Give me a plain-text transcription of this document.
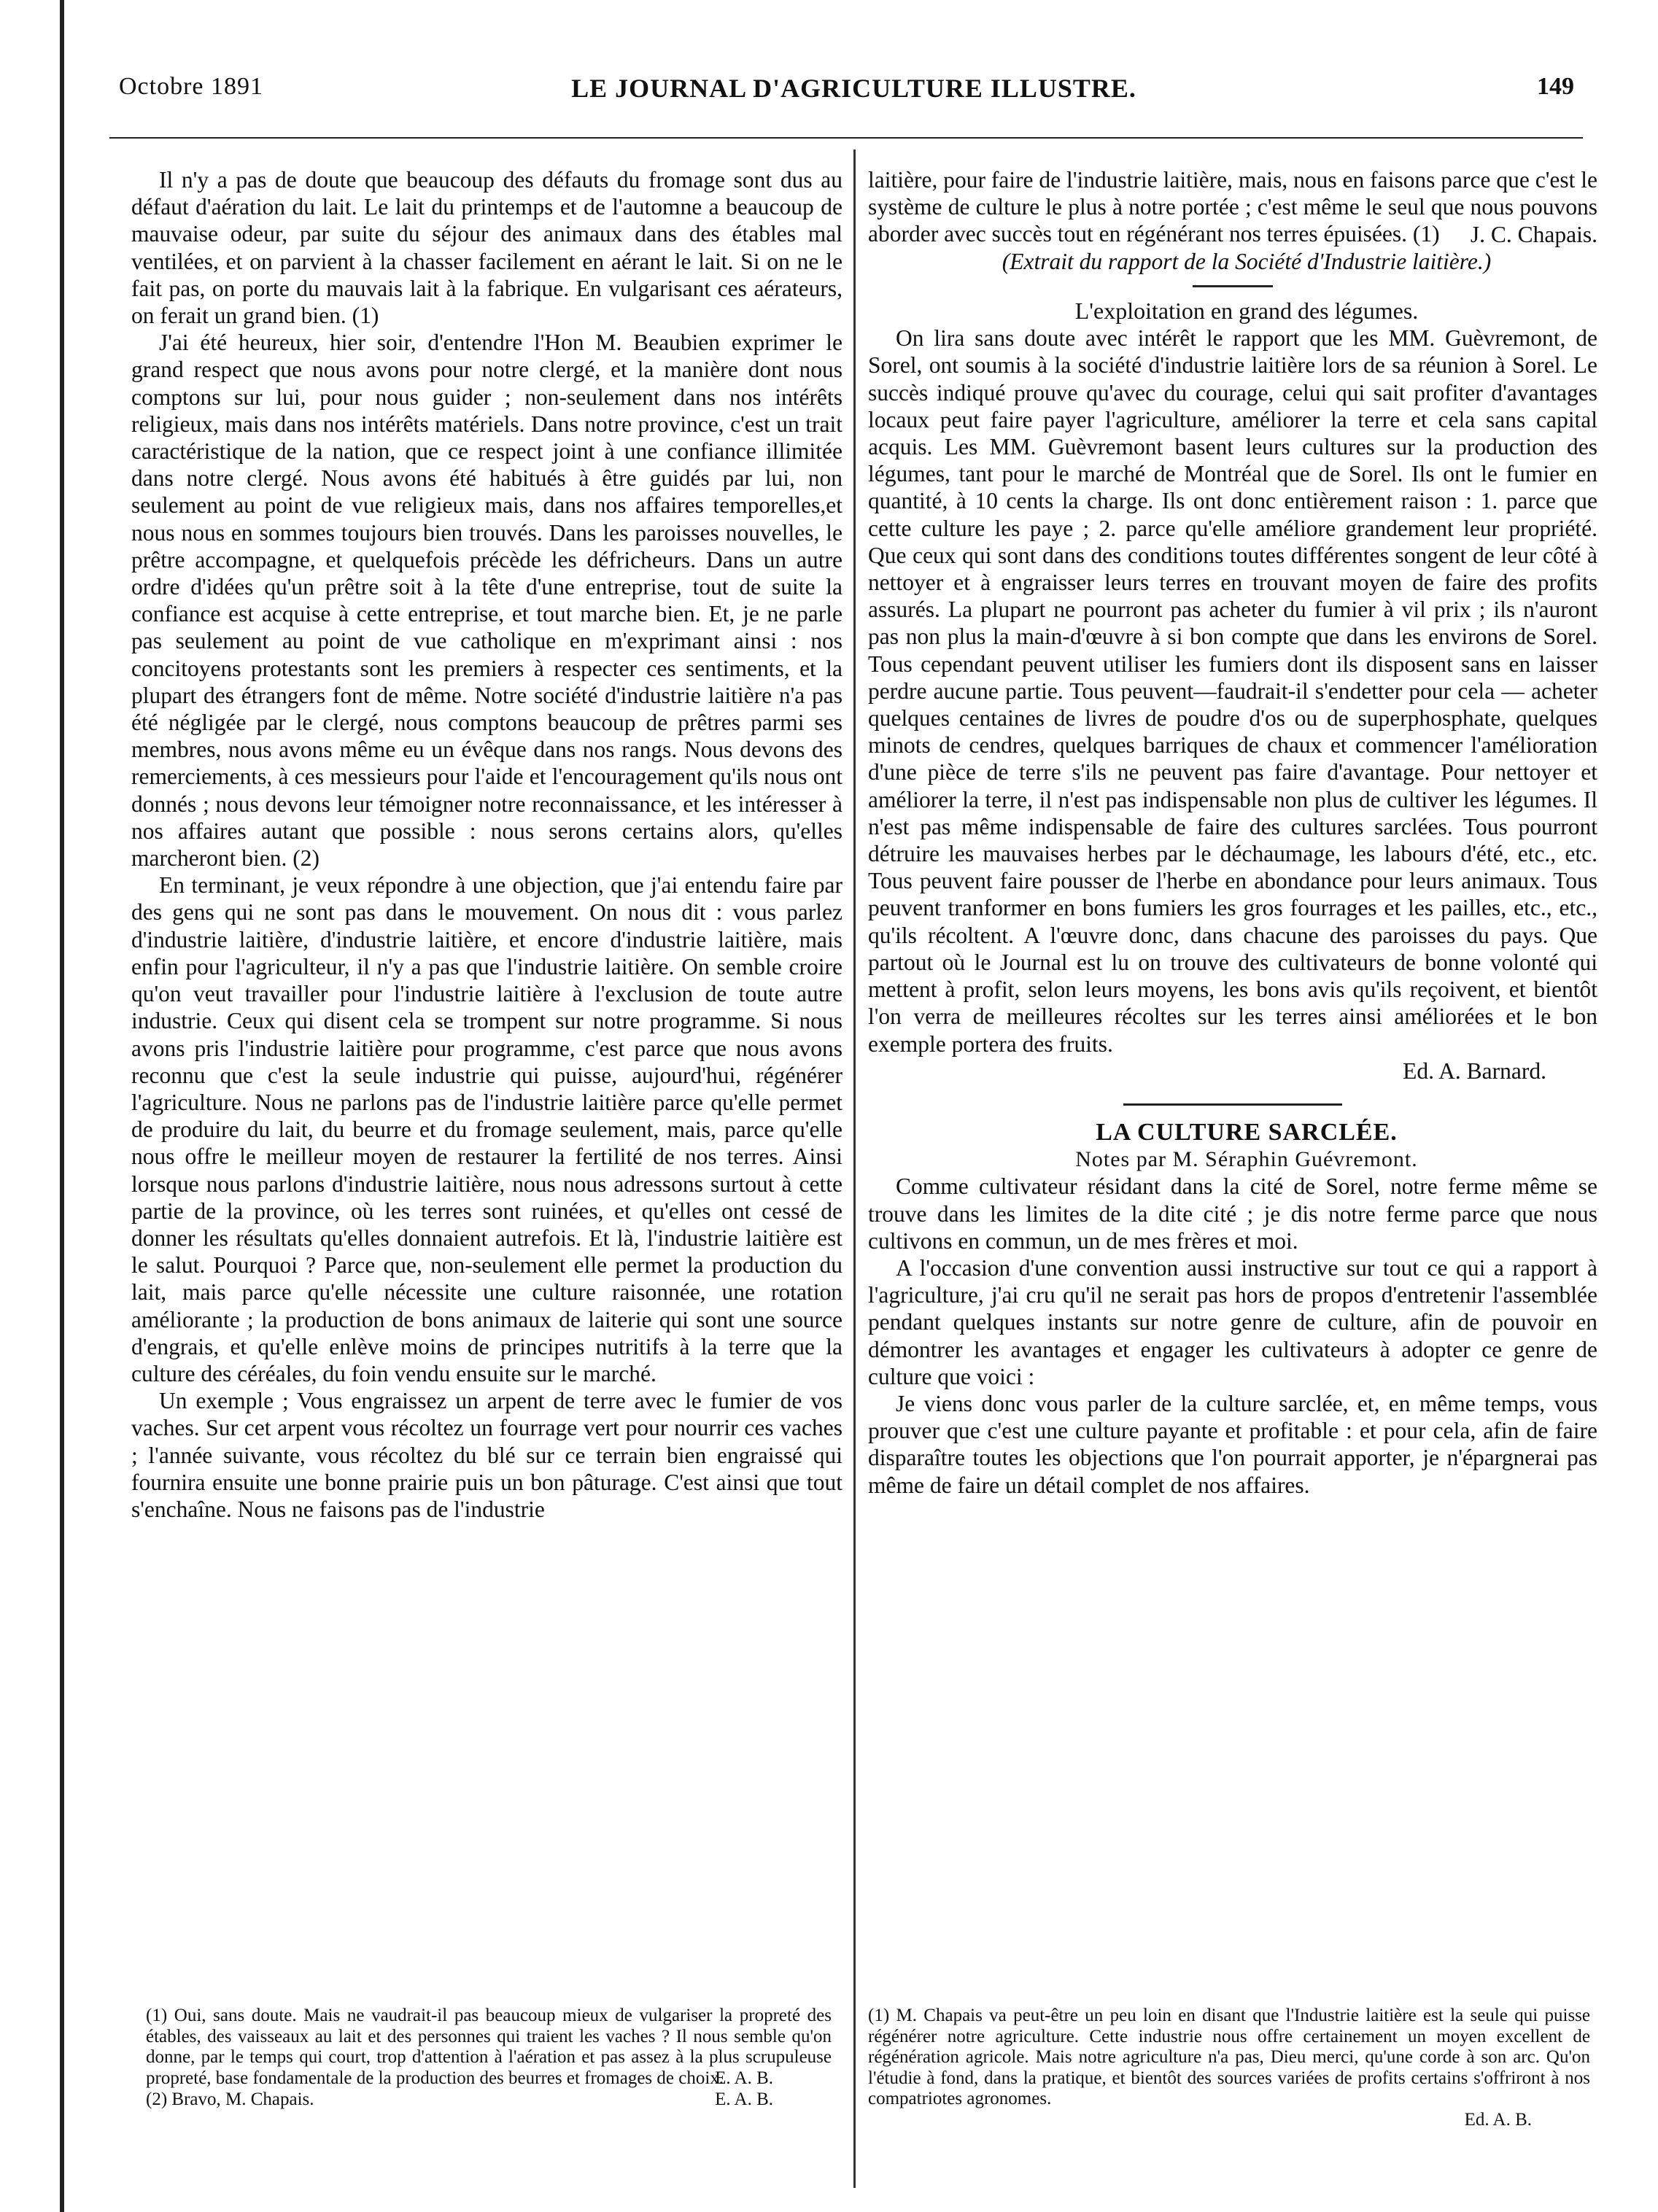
Octobre 1891	LE JOURNAL D'AGRICULTURE ILLUSTRE.	149

Il n'y a pas de doute que beaucoup des défauts du fromage sont dus au défaut d'aération du lait. Le lait du printemps et de l'automne a beaucoup de mauvaise odeur, par suite du séjour des animaux dans des étables mal ventilées, et on parvient à la chasser facilement en aérant le lait. Si on ne le fait pas, on porte du mauvais lait à la fabrique. En vulgarisant ces aérateurs, on ferait un grand bien. (1)

J'ai été heureux, hier soir, d'entendre l'Hon M. Beaubien exprimer le grand respect que nous avons pour notre clergé, et la manière dont nous comptons sur lui, pour nous guider ; non-seulement dans nos intérêts religieux, mais dans nos intérêts matériels. Dans notre province, c'est un trait caractéristique de la nation, que ce respect joint à une confiance illimitée dans notre clergé. Nous avons été habitués à être guidés par lui, non seulement au point de vue religieux mais, dans nos affaires temporelles,et nous nous en sommes toujours bien trouvés. Dans les paroisses nouvelles, le prêtre accompagne, et quelquefois précède les défricheurs. Dans un autre ordre d'idées qu'un prêtre soit à la tête d'une entreprise, tout de suite la confiance est acquise à cette entreprise, et tout marche bien. Et, je ne parle pas seulement au point de vue catholique en m'exprimant ainsi : nos concitoyens protestants sont les premiers à respecter ces sentiments, et la plupart des étrangers font de même. Notre société d'industrie laitière n'a pas été négligée par le clergé, nous comptons beaucoup de prêtres parmi ses membres, nous avons même eu un évêque dans nos rangs. Nous devons des remerciements, à ces messieurs pour l'aide et l'encouragement qu'ils nous ont donnés ; nous devons leur témoigner notre reconnaissance, et les intéresser à nos affaires autant que possible : nous serons certains alors, qu'elles marcheront bien. (2)

En terminant, je veux répondre à une objection, que j'ai entendu faire par des gens qui ne sont pas dans le mouvement. On nous dit : vous parlez d'industrie laitière, d'industrie laitière, et encore d'industrie laitière, mais enfin pour l'agriculteur, il n'y a pas que l'industrie laitière. On semble croire qu'on veut travailler pour l'industrie laitière à l'exclusion de toute autre industrie. Ceux qui disent cela se trompent sur notre programme. Si nous avons pris l'industrie laitière pour programme, c'est parce que nous avons reconnu que c'est la seule industrie qui puisse, aujourd'hui, régénérer l'agriculture. Nous ne parlons pas de l'industrie laitière parce qu'elle permet de produire du lait, du beurre et du fromage seulement, mais, parce qu'elle nous offre le meilleur moyen de restaurer la fertilité de nos terres. Ainsi lorsque nous parlons d'industrie laitière, nous nous adressons surtout à cette partie de la province, où les terres sont ruinées, et qu'elles ont cessé de donner les résultats qu'elles donnaient autrefois. Et là, l'industrie laitière est le salut. Pourquoi ? Parce que, non-seulement elle permet la production du lait, mais parce qu'elle nécessite une culture raisonnée, une rotation améliorante ; la production de bons animaux de laiterie qui sont une source d'engrais, et qu'elle enlève moins de principes nutritifs à la terre que la culture des céréales, du foin vendu ensuite sur le marché.

Un exemple ; Vous engraissez un arpent de terre avec le fumier de vos vaches. Sur cet arpent vous récoltez un fourrage vert pour nourrir ces vaches ; l'année suivante, vous récoltez du blé sur ce terrain bien engraissé qui fournira ensuite une bonne prairie puis un bon pâturage. C'est ainsi que tout s'enchaîne. Nous ne faisons pas de l'industrie

laitière, pour faire de l'industrie laitière, mais, nous en faisons parce que c'est le système de culture le plus à notre portée ; c'est même le seul que nous pouvons aborder avec succès tout en régénérant nos terres épuisées. (1)	J. C. Chapais.

(Extrait du rapport de la Société d'Industrie laitière.)

L'exploitation en grand des légumes.

On lira sans doute avec intérêt le rapport que les MM. Guèvremont, de Sorel, ont soumis à la société d'industrie laitière lors de sa réunion à Sorel. Le succès indiqué prouve qu'avec du courage, celui qui sait profiter d'avantages locaux peut faire payer l'agriculture, améliorer la terre et cela sans capital acquis. Les MM. Guèvremont basent leurs cultures sur la production des légumes, tant pour le marché de Montréal que de Sorel. Ils ont le fumier en quantité, à 10 cents la charge. Ils ont donc entièrement raison : 1. parce que cette culture les paye ; 2. parce qu'elle améliore grandement leur propriété. Que ceux qui sont dans des conditions toutes différentes songent de leur côté à nettoyer et à engraisser leurs terres en trouvant moyen de faire des profits assurés. La plupart ne pourront pas acheter du fumier à vil prix ; ils n'auront pas non plus la main-d'œuvre à si bon compte que dans les environs de Sorel. Tous cependant peuvent utiliser les fumiers dont ils disposent sans en laisser perdre aucune partie. Tous peuvent—faudrait-il s'endetter pour cela — acheter quelques centaines de livres de poudre d'os ou de superphosphate, quelques minots de cendres, quelques barriques de chaux et commencer l'amélioration d'une pièce de terre s'ils ne peuvent pas faire d'avantage. Pour nettoyer et améliorer la terre, il n'est pas indispensable non plus de cultiver les légumes. Il n'est pas même indispensable de faire des cultures sarclées. Tous pourront détruire les mauvaises herbes par le déchaumage, les labours d'été, etc., etc. Tous peuvent faire pousser de l'herbe en abondance pour leurs animaux. Tous peuvent tranformer en bons fumiers les gros fourrages et les pailles, etc., etc., qu'ils récoltent. A l'œuvre donc, dans chacune des paroisses du pays. Que partout où le Journal est lu on trouve des cultivateurs de bonne volonté qui mettent à profit, selon leurs moyens, les bons avis qu'ils reçoivent, et bientôt l'on verra de meilleures récoltes sur les terres ainsi améliorées et le bon exemple portera des fruits.

Ed. A. Barnard.

LA CULTURE SARCLÉE.

Notes par M. Séraphin Guévremont.

Comme cultivateur résidant dans la cité de Sorel, notre ferme même se trouve dans les limites de la dite cité ; je dis notre ferme parce que nous cultivons en commun, un de mes frères et moi.

A l'occasion d'une convention aussi instructive sur tout ce qui a rapport à l'agriculture, j'ai cru qu'il ne serait pas hors de propos d'entretenir l'assemblée pendant quelques instants sur notre genre de culture, afin de pouvoir en démontrer les avantages et engager les cultivateurs à adopter ce genre de culture que voici :

Je viens donc vous parler de la culture sarclée, et, en même temps, vous prouver que c'est une culture payante et profitable : et pour cela, afin de faire disparaître toutes les objections que l'on pourrait apporter, je n'épargnerai pas même de faire un détail complet de nos affaires.

(1) Oui, sans doute. Mais ne vaudrait-il pas beaucoup mieux de vulgariser la propreté des étables, des vaisseaux au lait et des personnes qui traient les vaches ? Il nous semble qu'on donne, par le temps qui court, trop d'attention à l'aération et pas assez à la plus scrupuleuse propreté, base fondamentale de la production des beurres et fromages de choix.

E. A. B.

(2) Bravo, M. Chapais.	E. A. B.

(1) M. Chapais va peut-être un peu loin en disant que l'Industrie laitière est la seule qui puisse régénérer notre agriculture. Cette industrie nous offre certainement un moyen excellent de régénération agricole. Mais notre agriculture n'a pas, Dieu merci, qu'une corde à son arc. Qu'on l'étudie à fond, dans la pratique, et bientôt des sources variées de profits certains s'offriront à nos compatriotes agronomes.

Ed. A. B.
